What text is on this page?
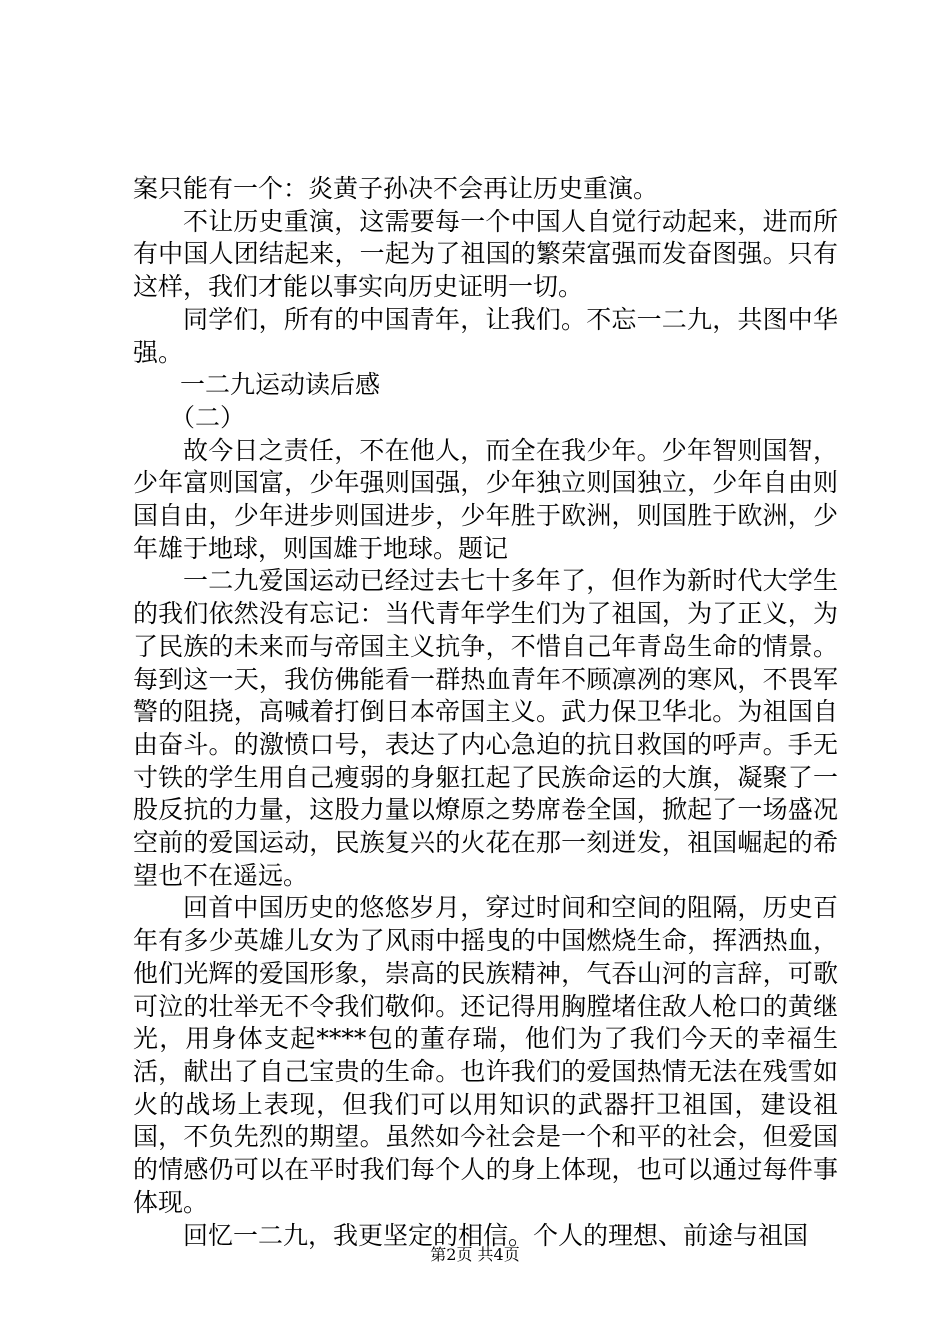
案只能有一个：炎黄子孙决不会再让历史重演。

不让历史重演，这需要每一个中国人自觉行动起来，进而所有中国人团结起来，一起为了祖国的繁荣富强而发奋图强。只有这样，我们才能以事实向历史证明一切。

同学们，所有的中国青年，让我们。不忘一二九，共图中华强。

一二九运动读后感

（二）

故今日之责任，不在他人，而全在我少年。少年智则国智，少年富则国富，少年强则国强，少年独立则国独立，少年自由则国自由，少年进步则国进步，少年胜于欧洲，则国胜于欧洲，少年雄于地球，则国雄于地球。题记

一二九爱国运动已经过去七十多年了，但作为新时代大学生的我们依然没有忘记：当代青年学生们为了祖国，为了正义，为了民族的未来而与帝国主义抗争，不惜自己年青岛生命的情景。每到这一天，我仿佛能看一群热血青年不顾凛冽的寒风，不畏军警的阻挠，高喊着打倒日本帝国主义。武力保卫华北。为祖国自由奋斗。的激愤口号，表达了内心急迫的抗日救国的呼声。手无寸铁的学生用自己瘦弱的身躯扛起了民族命运的大旗，凝聚了一股反抗的力量，这股力量以燎原之势席卷全国，掀起了一场盛况空前的爱国运动，民族复兴的火花在那一刻迸发，祖国崛起的希望也不在遥远。

回首中国历史的悠悠岁月，穿过时间和空间的阻隔，历史百年有多少英雄儿女为了风雨中摇曳的中国燃烧生命，挥洒热血，他们光辉的爱国形象，崇高的民族精神，气吞山河的言辞，可歌可泣的壮举无不令我们敬仰。还记得用胸膛堵住敌人枪口的黄继光，用身体支起****包的董存瑞，他们为了我们今天的幸福生活，献出了自己宝贵的生命。也许我们的爱国热情无法在残雪如火的战场上表现，但我们可以用知识的武器扞卫祖国，建设祖国，不负先烈的期望。虽然如今社会是一个和平的社会，但爱国的情感仍可以在平时我们每个人的身上体现，也可以通过每件事体现。

回忆一二九，我更坚定的相信。个人的理想、前途与祖国

第2页 共4页
